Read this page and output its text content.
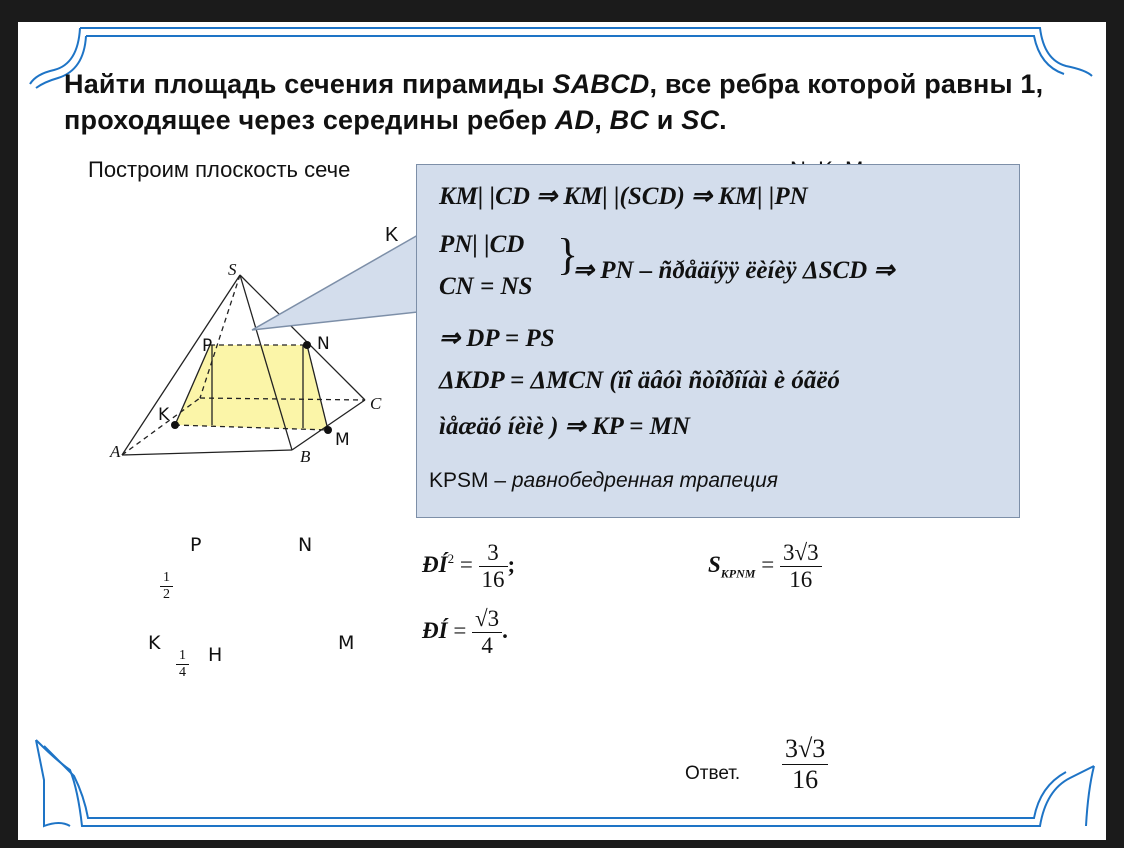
Найти площадь сечения пирамиды SABCD, все ребра которой равны 1, проходящее через середины ребер AD, BC и SC.
Построим плоскость сече
K
S
A	B
C
P	N
K
M
P	N
K	M
H
$\frac{1}{2}$
$\frac{1}{4}$
$ĐÍ^2 = \frac{3}{16}$ ;
ĐÍ = $\frac{√3}{4}$ .
$S_{KPNM} = \frac{3√3}{16}$
Ответ. $\frac{3√3}{16}$
KM| |CD ⇒ KM| |(SCD) ⇒ KM| |PN
PN| |CD
CN = NS
}
⇒ PN – ñðåäíÿÿ ëèíèÿ ΔSCD ⇒
⇒ DP = PS
ΔKDP = ΔMCN (ïî äâóì ñòîðîíàì è óãëó
ìåæäó íèìè ) ⇒ KP = MN
KPSM – равнобедренная трапеция
